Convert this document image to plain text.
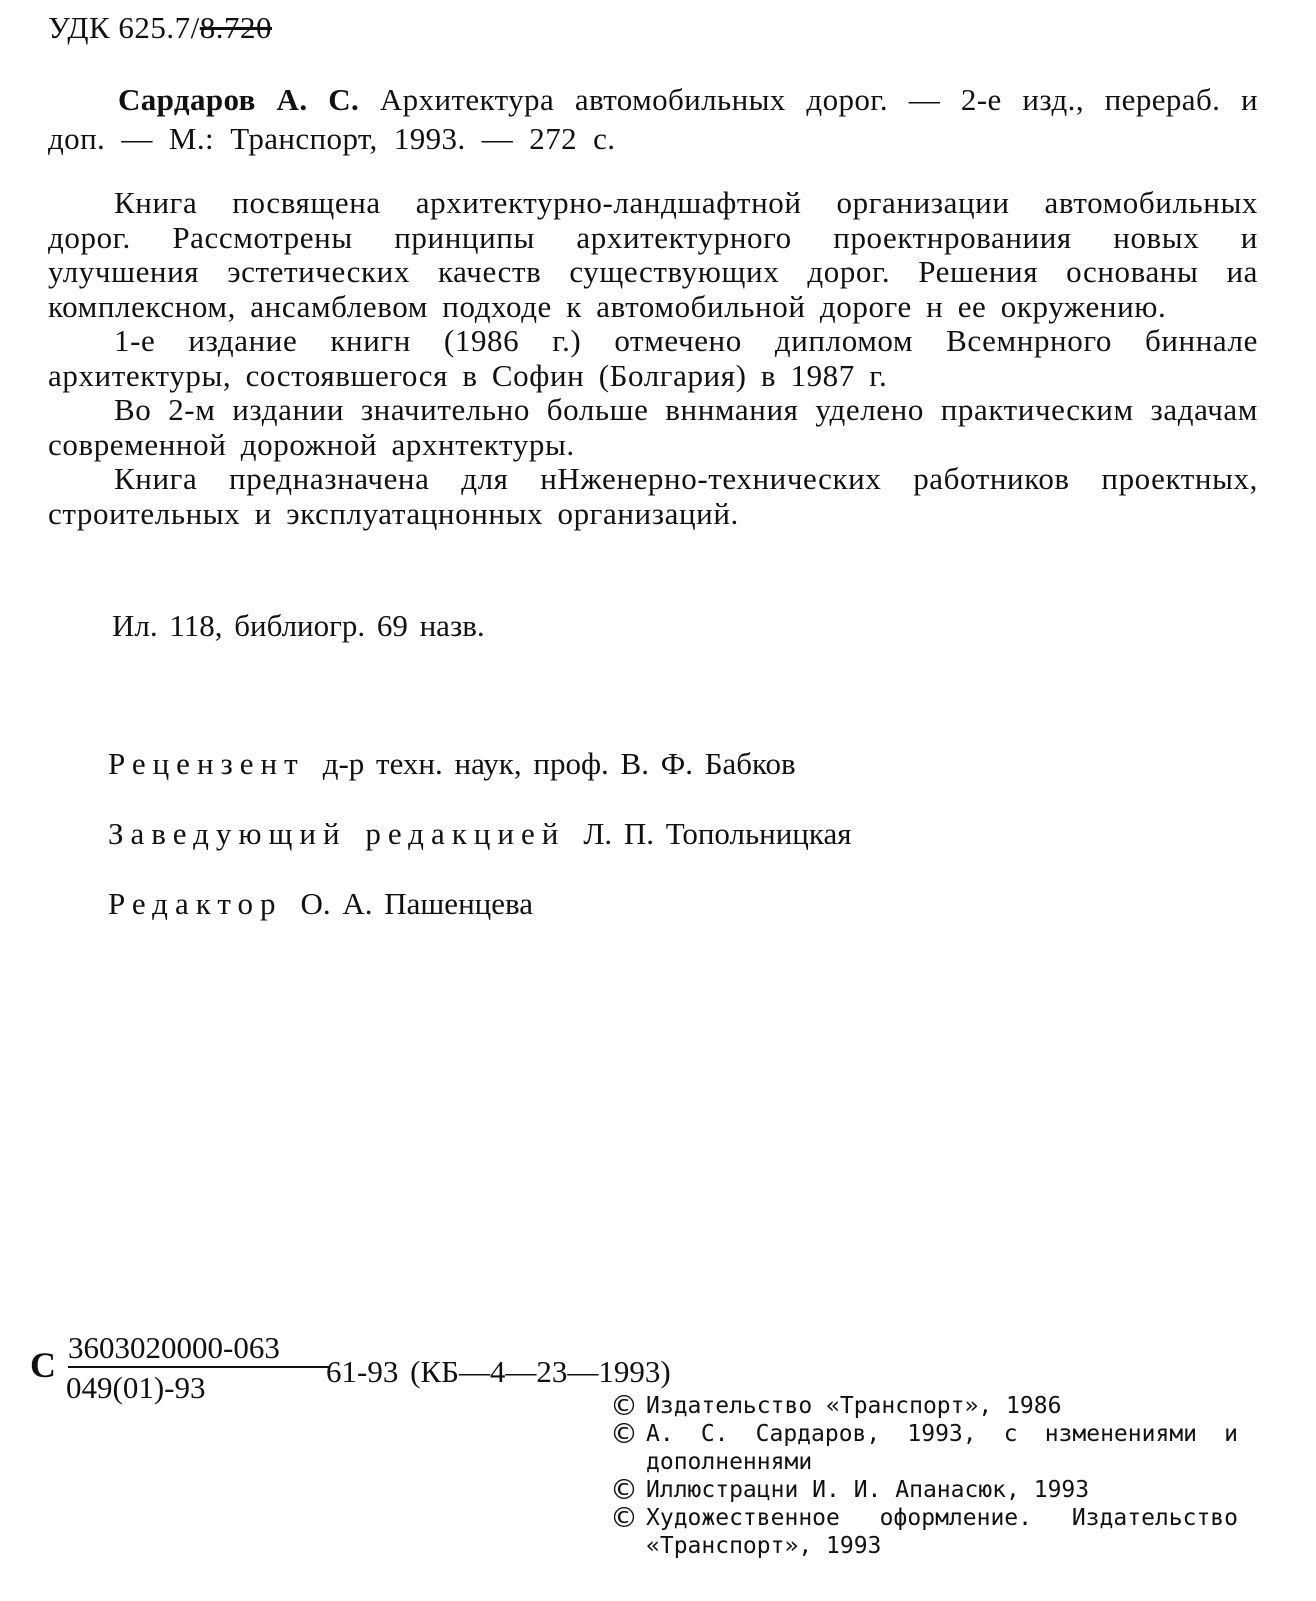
УДК 625.7/8.720
Сардаров А. С. Архитектура автомобильных дорог. — 2-е изд., перераб. и доп. — М.: Транспорт, 1993. — 272 с.

Книга посвящена архитектурно-ландшафтной организации автомобильных дорог. Рассмотрены принципы архитектурного проектнрованиия новых и улучшения эстетических качеств существующих дорог. Решения основаны иа комплексном, ансамблевом подходе к автомобильной дороге н ее окружению.

1-е издание книгн (1986 г.) отмечено дипломом Всемнрного бинналe архитектуры, состоявшегося в Софин (Болгария) в 1987 г.

Во 2-м издании значительно больше вннмания уделено практическим задачам современной дорожной архнтектуры.

Книга предназначена для нНженерно-технических работников проектных, строительных и эксплуатацнонных организаций.

Ил. 118, библиогр. 69 назв.
Рецензент д-р техн. наук, проф. В. Ф. Бабков
Заведующий редакцией Л. П. Топольницкая
Редактор О. А. Пашенцева
С 3603020000-063
049(01)-93	61-93 (КБ—4—23—1993)
© Издательство «Транспорт», 1986
© А. С. Сардаров, 1993, с нзменениями и дополненнями
© Иллюстрацни И. И. Апанасюк, 1993
© Художественное оформление. Издательство «Транспорт», 1993
